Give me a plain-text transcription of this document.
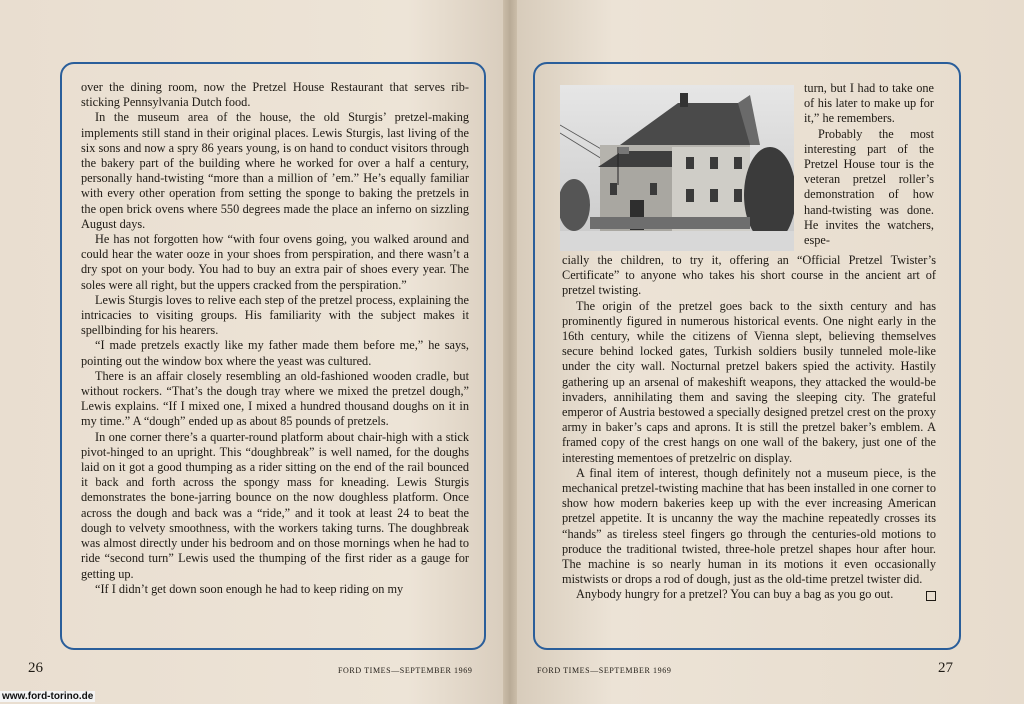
over the dining room, now the Pretzel House Restaurant that serves rib-sticking Pennsylvania Dutch food.

In the museum area of the house, the old Sturgis’ pretzel-making implements still stand in their original places. Lewis Sturgis, last living of the six sons and now a spry 86 years young, is on hand to conduct visitors through the bakery part of the building where he worked for over a half a century, personally hand-twisting “more than a million of ’em.” He’s equally familiar with every other operation from setting the sponge to baking the pretzels in the open brick ovens where 550 degrees made the place an inferno on sizzling August days.

He has not forgotten how “with four ovens going, you walked around and could hear the water ooze in your shoes from perspiration, and there wasn’t a dry spot on your body. You had to buy an extra pair of shoes every year. The soles were all right, but the uppers cracked from the perspiration.”

Lewis Sturgis loves to relive each step of the pretzel process, explaining the intricacies to visiting groups. His familiarity with the subject makes it spellbinding for his hearers.

“I made pretzels exactly like my father made them before me,” he says, pointing out the window box where the yeast was cultured.

There is an affair closely resembling an old-fashioned wooden cradle, but without rockers. “That’s the dough tray where we mixed the pretzel dough,” Lewis explains. “If I mixed one, I mixed a hundred thousand doughs on it in my time.” A “dough” ended up as about 85 pounds of pretzels.

In one corner there’s a quarter-round platform about chair-high with a stick pivot-hinged to an upright. This “doughbreak” is well named, for the doughs laid on it got a good thumping as a rider sitting on the end of the rail bounced it back and forth across the spongy mass for kneading. Lewis Sturgis demonstrates the bone-jarring bounce on the now doughless platform. Once across the dough and back was a “ride,” and it took at least 24 to beat the dough to velvety smoothness, with the workers taking turns. The doughbreak was almost directly under his bedroom and on those mornings when he had to ride “second turn” Lewis used the thumping of the first rider as a gauge for getting up.

“If I didn’t get down soon enough he had to keep riding on my

turn, but I had to take one of his later to make up for it,” he remembers.

Probably the most interesting part of the Pretzel House tour is the veteran pretzel roller’s demonstration of how hand-twisting was done. He invites the watchers, espe-

cially the children, to try it, offering an “Official Pretzel Twister’s Certificate” to anyone who takes his short course in the ancient art of pretzel twisting.

The origin of the pretzel goes back to the sixth century and has prominently figured in numerous historical events. One night early in the 16th century, while the citizens of Vienna slept, believing themselves secure behind locked gates, Turkish soldiers busily tunneled mole-like under the city wall. Nocturnal pretzel bakers spied the activity. Hastily gathering up an arsenal of makeshift weapons, they attacked the would-be invaders, annihilating them and saving the sleeping city. The grateful emperor of Austria bestowed a specially designed pretzel crest on the proxy army in baker’s caps and aprons. It is still the pretzel baker’s emblem. A framed copy of the crest hangs on one wall of the bakery, just one of the interesting mementoes of pretzelric on display.

A final item of interest, though definitely not a museum piece, is the mechanical pretzel-twisting machine that has been installed in one corner to show how modern bakeries keep up with the ever increasing American pretzel appetite. It is uncanny the way the machine repeatedly crosses its “hands” as tireless steel fingers go through the centuries-old motions to produce the traditional twisted, three-hole pretzel shapes hour after hour. The machine is so nearly human in its motions it even occasionally mistwists or drops a rod of dough, just as the old-time pretzel twister did.

Anybody hungry for a pretzel? You can buy a bag as you go out.

26	FORD TIMES—SEPTEMBER 1969	FORD TIMES—SEPTEMBER 1969	27
www.ford-torino.de
